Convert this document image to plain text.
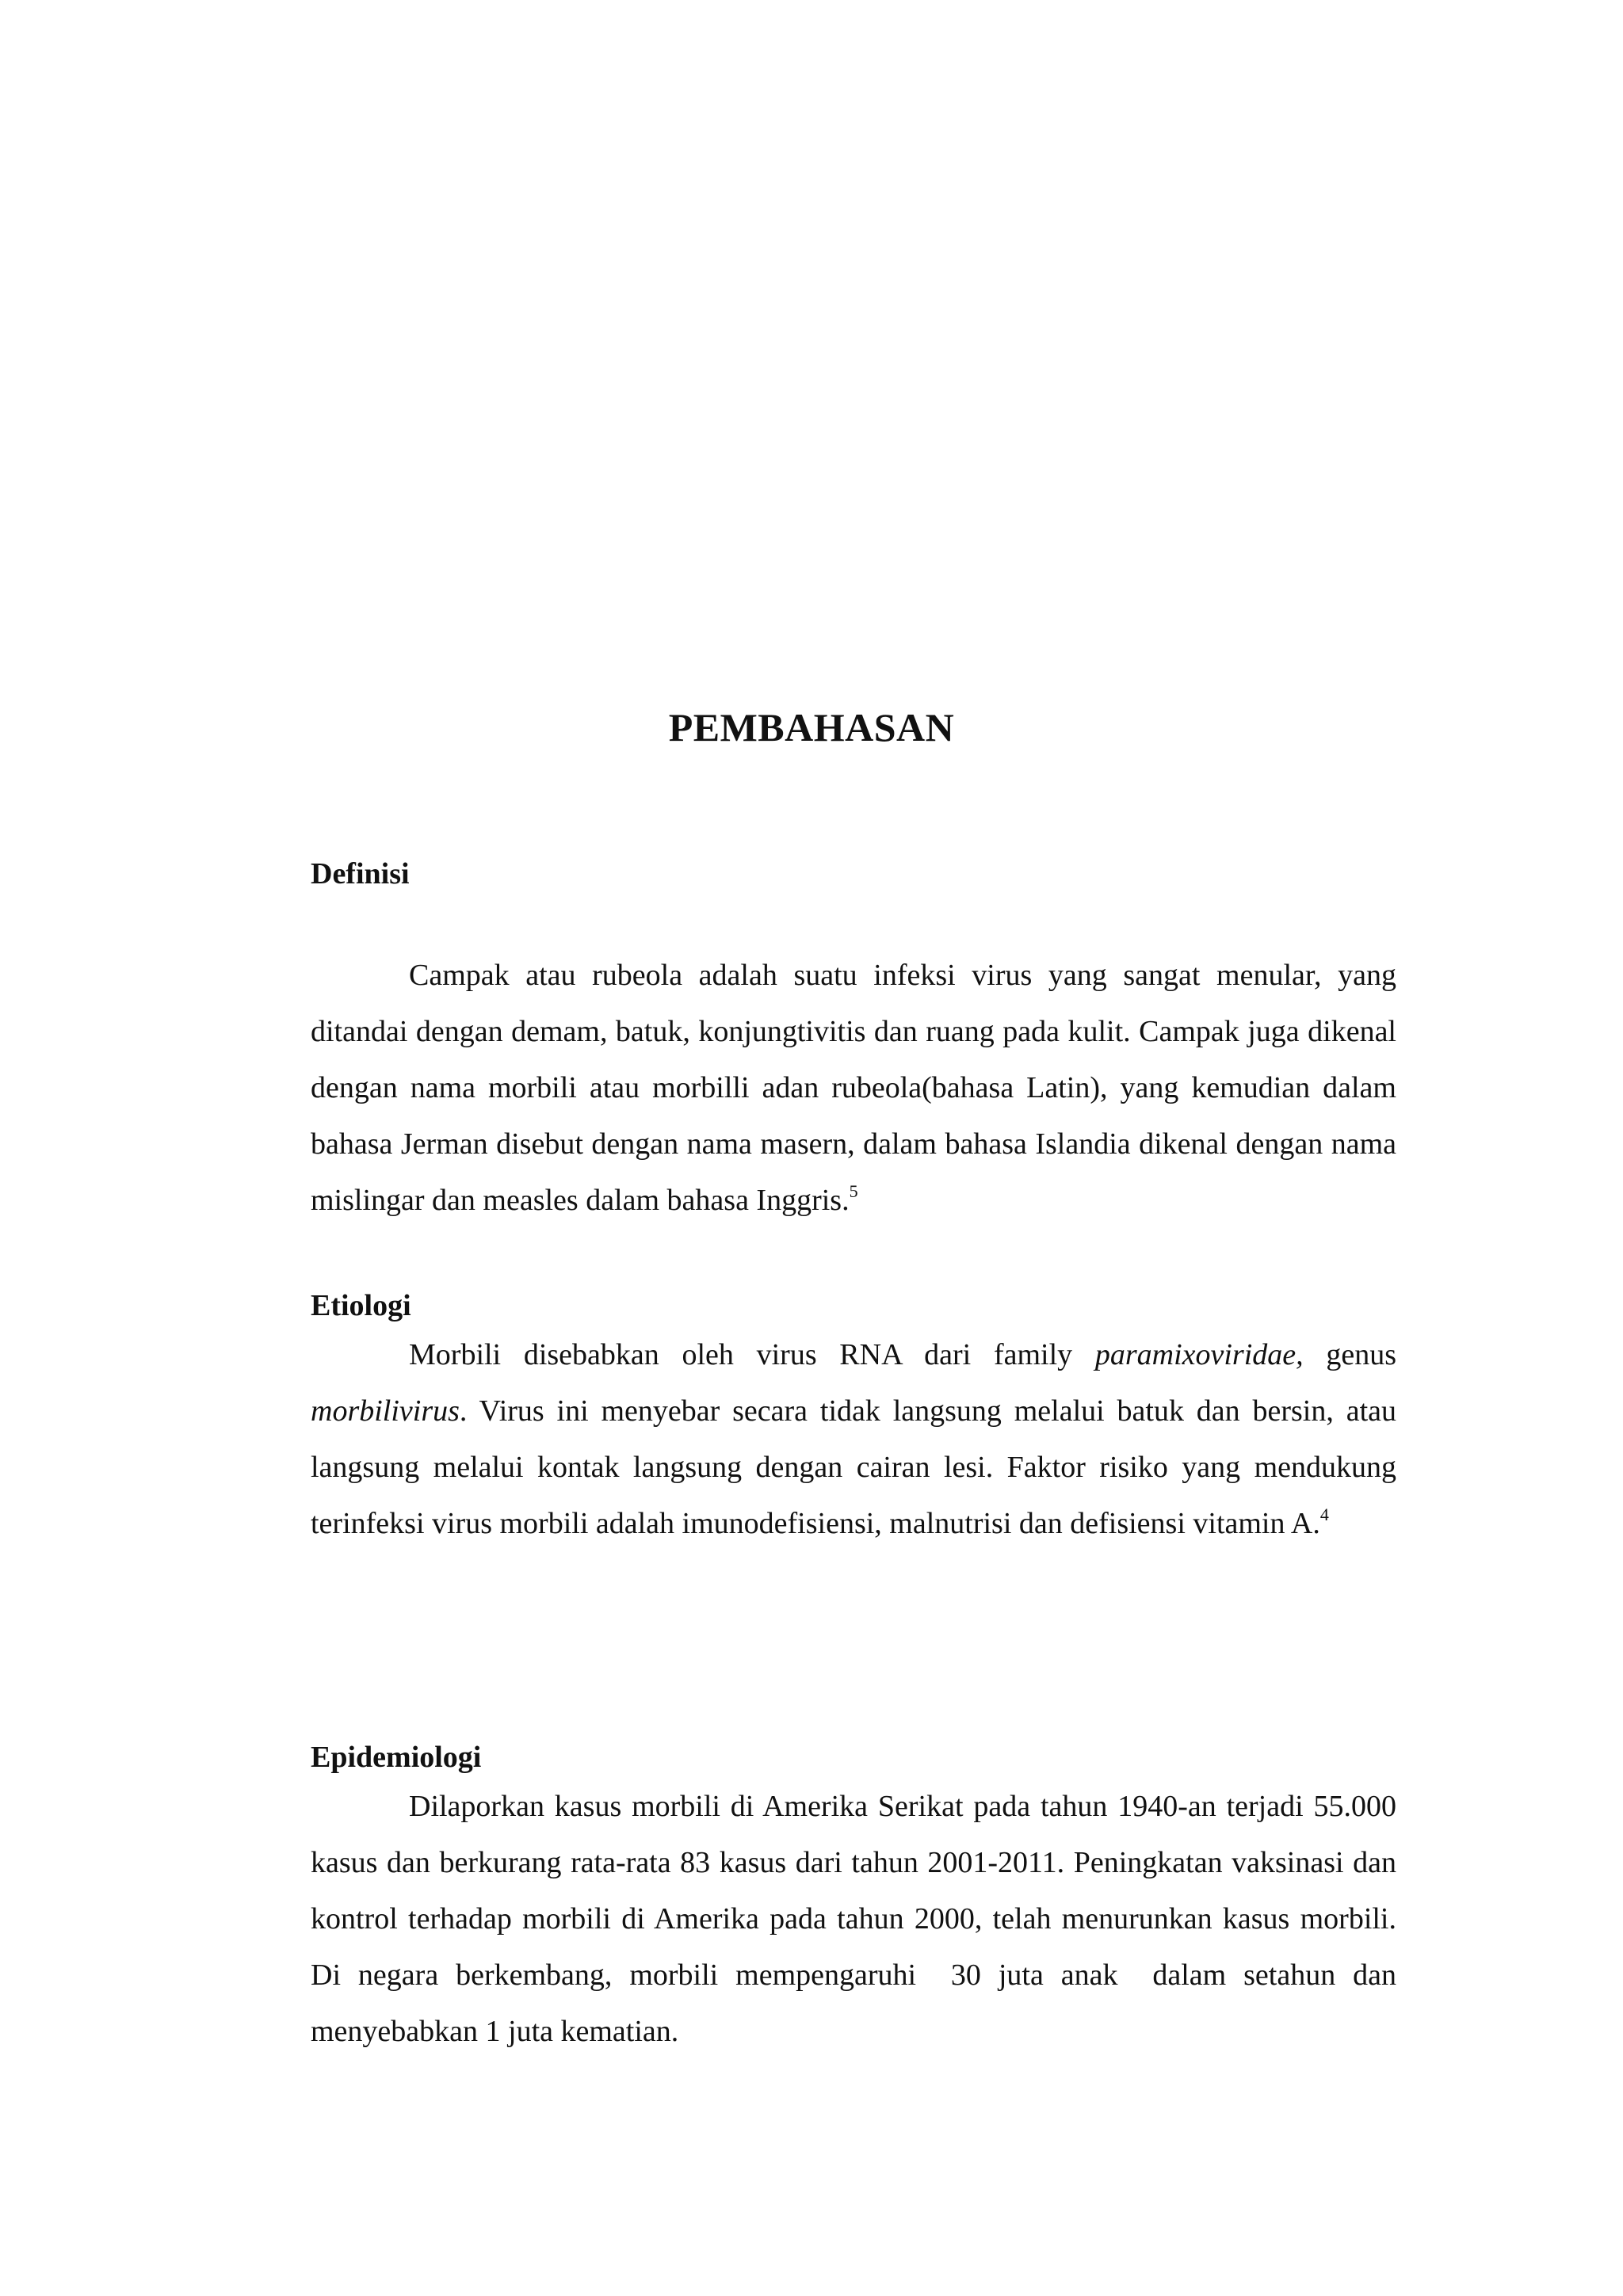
PEMBAHASAN
Definisi

Campak atau rubeola adalah suatu infeksi virus yang sangat menular, yang ditandai dengan demam, batuk, konjungtivitis dan ruang pada kulit. Campak juga dikenal dengan nama morbili atau morbilli adan rubeola(bahasa Latin), yang kemudian dalam bahasa Jerman disebut dengan nama masern, dalam bahasa Islandia dikenal dengan nama mislingar dan measles dalam bahasa Inggris.$^5$

Etiologi

Morbili disebabkan oleh virus RNA dari family paramixoviridae, genus morbilivirus. Virus ini menyebar secara tidak langsung melalui batuk dan bersin, atau langsung melalui kontak langsung dengan cairan lesi. Faktor risiko yang mendukung terinfeksi virus morbili adalah imunodefisiensi, malnutrisi dan defisiensi vitamin A.$^4$

Epidemiologi

Dilaporkan kasus morbili di Amerika Serikat pada tahun 1940-an terjadi 55.000 kasus dan berkurang rata-rata 83 kasus dari tahun 2001-2011. Peningkatan vaksinasi dan kontrol terhadap morbili di Amerika pada tahun 2000, telah menurunkan kasus morbili. Di negara berkembang, morbili mempengaruhi  30 juta anak  dalam setahun dan menyebabkan 1 juta kematian.
